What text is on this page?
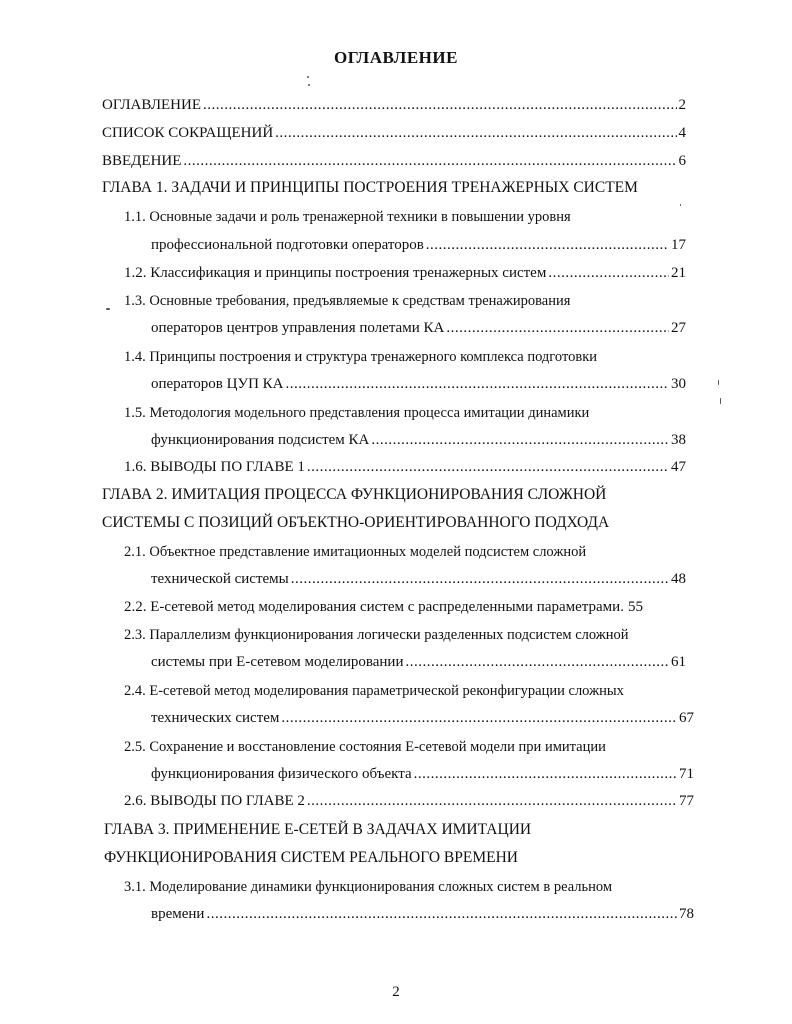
ОГЛАВЛЕНИЕ
ОГЛАВЛЕНИЕ .....	2
СПИСОК СОКРАЩЕНИЙ .....	4
ВВЕДЕНИЕ .....	6
ГЛАВА 1. ЗАДАЧИ И ПРИНЦИПЫ ПОСТРОЕНИЯ ТРЕНАЖЕРНЫХ СИСТЕМ
1.1. Основные задачи и роль тренажерной техники в повышении уровня
профессиональной подготовки операторов .....	17
1.2. Классификация и принципы построения тренажерных систем .....	21
1.3. Основные требования, предъявляемые к средствам тренажирования
операторов центров управления полетами КА .....	27
1.4. Принципы построения и структура тренажерного комплекса подготовки
операторов ЦУП КА .....	30
1.5. Методология модельного представления процесса имитации динамики
функционирования подсистем КА .....	38
1.6. ВЫВОДЫ ПО ГЛАВЕ 1 .....	47
ГЛАВА 2. ИМИТАЦИЯ ПРОЦЕССА ФУНКЦИОНИРОВАНИЯ СЛОЖНОЙ
СИСТЕМЫ С ПОЗИЦИЙ ОБЪЕКТНО-ОРИЕНТИРОВАННОГО ПОДХОДА
2.1. Объектное представление имитационных моделей подсистем сложной
технической системы .....	48
2.2. Е-сетевой метод моделирования систем с распределенными параметрами. 55
2.3. Параллелизм функционирования логически разделенных подсистем сложной
системы при Е-сетевом моделировании .....	61
2.4. Е-сетевой метод моделирования параметрической реконфигурации сложных
технических систем .....	67
2.5. Сохранение и восстановление состояния Е-сетевой модели при имитации
функционирования физического объекта .....	71
2.6. ВЫВОДЫ ПО ГЛАВЕ 2 .....	77
ГЛАВА 3. ПРИМЕНЕНИЕ Е-СЕТЕЙ В ЗАДАЧАХ ИМИТАЦИИ
ФУНКЦИОНИРОВАНИЯ СИСТЕМ РЕАЛЬНОГО ВРЕМЕНИ
3.1. Моделирование динамики функционирования сложных систем в реальном
времени .....	78
2
